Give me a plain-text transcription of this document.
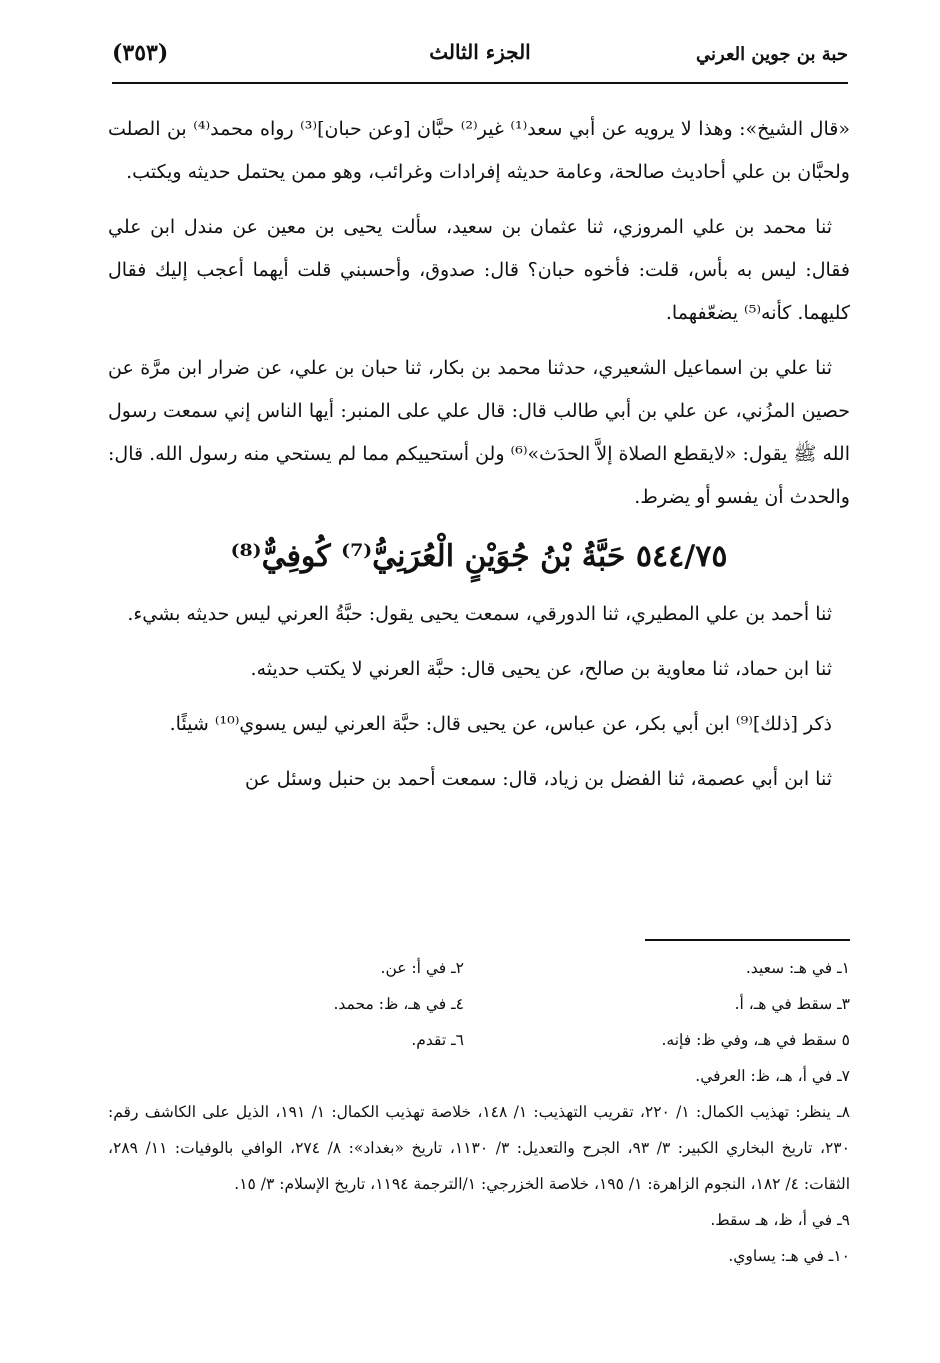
(٣٥٣)	الجزء الثالث	حبة بن جوين العرني

«قال الشيخ»: وهذا لا يرويه عن أبي سعد⁽¹⁾ غير⁽²⁾ حبَّان [وعن حبان]⁽³⁾ رواه محمد⁽⁴⁾ بن الصلت ولحبَّان بن علي أحاديث صالحة، وعامة حديثه إفرادات وغرائب، وهو ممن يحتمل حديثه ويكتب.

ثنا محمد بن علي المروزي، ثنا عثمان بن سعيد، سألت يحيى بن معين عن مندل ابن علي فقال: ليس به بأس، قلت: فأخوه حبان؟ قال: صدوق، وأحسبني قلت أيهما أعجب إليك فقال كليهما. كأنه⁽⁵⁾ يضعّفهما.

ثنا علي بن اسماعيل الشعيري، حدثنا محمد بن بكار، ثنا حبان بن علي، عن ضرار ابن مرَّة عن حصين المزُني، عن علي بن أبي طالب قال: قال علي على المنبر: أيها الناس إني سمعت رسول الله ﷺ يقول: «لايقطع الصلاة إلاَّ الحدَث»⁽⁶⁾ ولن أستحييكم مما لم يستحي منه رسول الله. قال: والحدث أن يفسو أو يضرط.

٥٤٤/٧٥ حَبَّةُ بْنُ جُوَيْنٍ الْعُرَنِيُّ⁽⁷⁾ كُوفِيٌّ⁽⁸⁾

ثنا أحمد بن علي المطيري، ثنا الدورقي، سمعت يحيى يقول: حبَّةُ العرني ليس حديثه بشيء.

ثنا ابن حماد، ثنا معاوية بن صالح، عن يحيى قال: حبَّة العرني لا يكتب حديثه.

ذكر [ذلك]⁽⁹⁾ ابن أبي بكر، عن عباس، عن يحيى قال: حبَّة العرني ليس يسوي⁽¹⁰⁾ شيئًا.

ثنا ابن أبي عصمة، ثنا الفضل بن زياد، قال: سمعت أحمد بن حنبل وسئل عن

١ـ في هـ: سعيد.

٢ـ في أ: عن.

٣ـ سقط في هـ، أ.

٤ـ في هـ، ظ: محمد.

٥ سقط في هـ، وفي ظ: فإنه.

٦ـ تقدم.

٧ـ في أ، هـ، ظ: العرفي.

٨ـ ينظر: تهذيب الكمال: ١/ ٢٢٠، تقريب التهذيب: ١/ ١٤٨، خلاصة تهذيب الكمال: ١/ ١٩١، الذيل على الكاشف رقم: ٢٣٠، تاريخ البخاري الكبير: ٣/ ٩٣، الجرح والتعديل: ٣/ ١١٣٠، تاريخ «بغداد»: ٨/ ٢٧٤، الوافي بالوفيات: ١١/ ٢٨٩، الثقات: ٤/ ١٨٢، النجوم الزاهرة: ١/ ١٩٥، خلاصة الخزرجي: ١/الترجمة ١١٩٤، تاريخ الإسلام: ٣/ ١٥.

٩ـ في أ، ظ، هـ سقط.

١٠ـ في هـ: يساوي.
